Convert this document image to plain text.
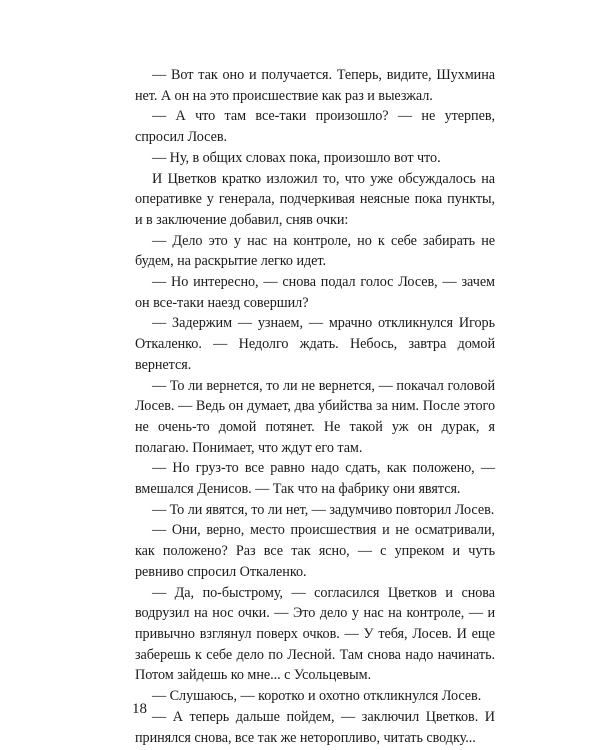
— Вот так оно и получается. Теперь, видите, Шухмина нет. А он на это происшествие как раз и выезжал.

— А что там все-таки произошло? — не утерпев, спросил Лосев.

— Ну, в общих словах пока, произошло вот что.

И Цветков кратко изложил то, что уже обсуждалось на оперативке у генерала, подчеркивая неясные пока пункты, и в заключение добавил, сняв очки:

— Дело это у нас на контроле, но к себе забирать не будем, на раскрытие легко идет.

— Но интересно, — снова подал голос Лосев, — зачем он все-таки наезд совершил?

— Задержим — узнаем, — мрачно откликнулся Игорь Откаленко. — Недолго ждать. Небось, завтра домой вернется.

— То ли вернется, то ли не вернется, — покачал головой Лосев. — Ведь он думает, два убийства за ним. После этого не очень-то домой потянет. Не такой уж он дурак, я полагаю. Понимает, что ждут его там.

— Но груз-то все равно надо сдать, как положено, — вмешался Денисов. — Так что на фабрику они явятся.

— То ли явятся, то ли нет, — задумчиво повторил Лосев.

— Они, верно, место происшествия и не осматривали, как положено? Раз все так ясно, — с упреком и чуть ревниво спросил Откаленко.

— Да, по-быстрому, — согласился Цветков и снова водрузил на нос очки. — Это дело у нас на контроле, — и привычно взглянул поверх очков. — У тебя, Лосев. И еще заберешь к себе дело по Лесной. Там снова надо начинать. Потом зайдешь ко мне... с Усольцевым.

— Слушаюсь, — коротко и охотно откликнулся Лосев.

— А теперь дальше пойдем, — заключил Цветков. И принялся снова, все так же неторопливо, читать сводку...

18
